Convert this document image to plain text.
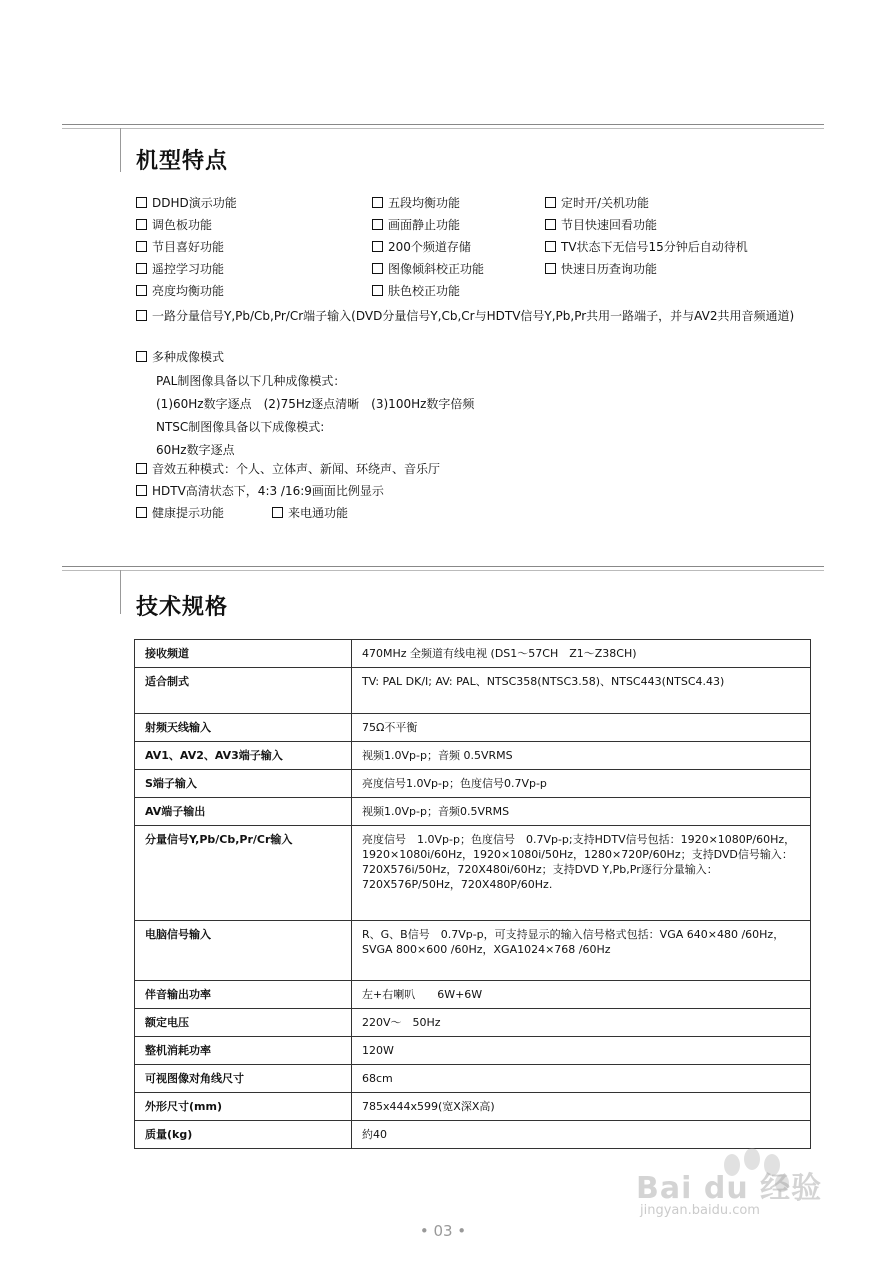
机型特点
DDHD演示功能
调色板功能
节目喜好功能
遥控学习功能
亮度均衡功能
五段均衡功能
画面静止功能
200个频道存储
图像倾斜校正功能
肤色校正功能
定时开/关机功能
节目快速回看功能
TV状态下无信号15分钟后自动待机
快速日历查询功能
一路分量信号Y,Pb/Cb,Pr/Cr端子输入(DVD分量信号Y,Cb,Cr与HDTV信号Y,Pb,Pr共用一路端子，并与AV2共用音频通道)
多种成像模式
PAL制图像具备以下几种成像模式：
(1)60Hz数字逐点　(2)75Hz逐点清晰　(3)100Hz数字倍频
NTSC制图像具备以下成像模式:
60Hz数字逐点
音效五种模式：个人、立体声、新闻、环绕声、音乐厅
HDTV高清状态下，4:3 /16:9画面比例显示
健康提示功能	来电通功能
技术规格
接收频道	470MHz 全频道有线电视 (DS1～57CH　Z1～Z38CH)
适合制式	TV: PAL DK/I; AV: PAL、NTSC358(NTSC3.58)、NTSC443(NTSC4.43)
射频天线输入	75Ω不平衡
AV1、AV2、AV3端子输入	视频1.0Vp-p；音频 0.5VRMS
S端子输入	亮度信号1.0Vp-p；色度信号0.7Vp-p
AV端子输出	视频1.0Vp-p；音频0.5VRMS
分量信号Y,Pb/Cb,Pr/Cr输入	亮度信号　1.0Vp-p；色度信号　0.7Vp-p;支持HDTV信号包括：1920×1080P/60Hz，1920×1080i/60Hz，1920×1080i/50Hz，1280×720P/60Hz；支持DVD信号输入：720X576i/50Hz，720X480i/60Hz；支持DVD Y,Pb,Pr逐行分量输入：720X576P/50Hz，720X480P/60Hz.
电脑信号输入	R、G、B信号　0.7Vp-p，可支持显示的输入信号格式包括：VGA 640×480 /60Hz，SVGA 800×600 /60Hz，XGA1024×768 /60Hz
伴音输出功率	左+右喇叭　　6W+6W
额定电压	220V～　50Hz
整机消耗功率	120W
可视图像对角线尺寸	68cm
外形尺寸(mm)	785x444x599(宽X深X高)
质量(kg)	約40
• 03 •
Bai du 经验
jingyan.baidu.com
